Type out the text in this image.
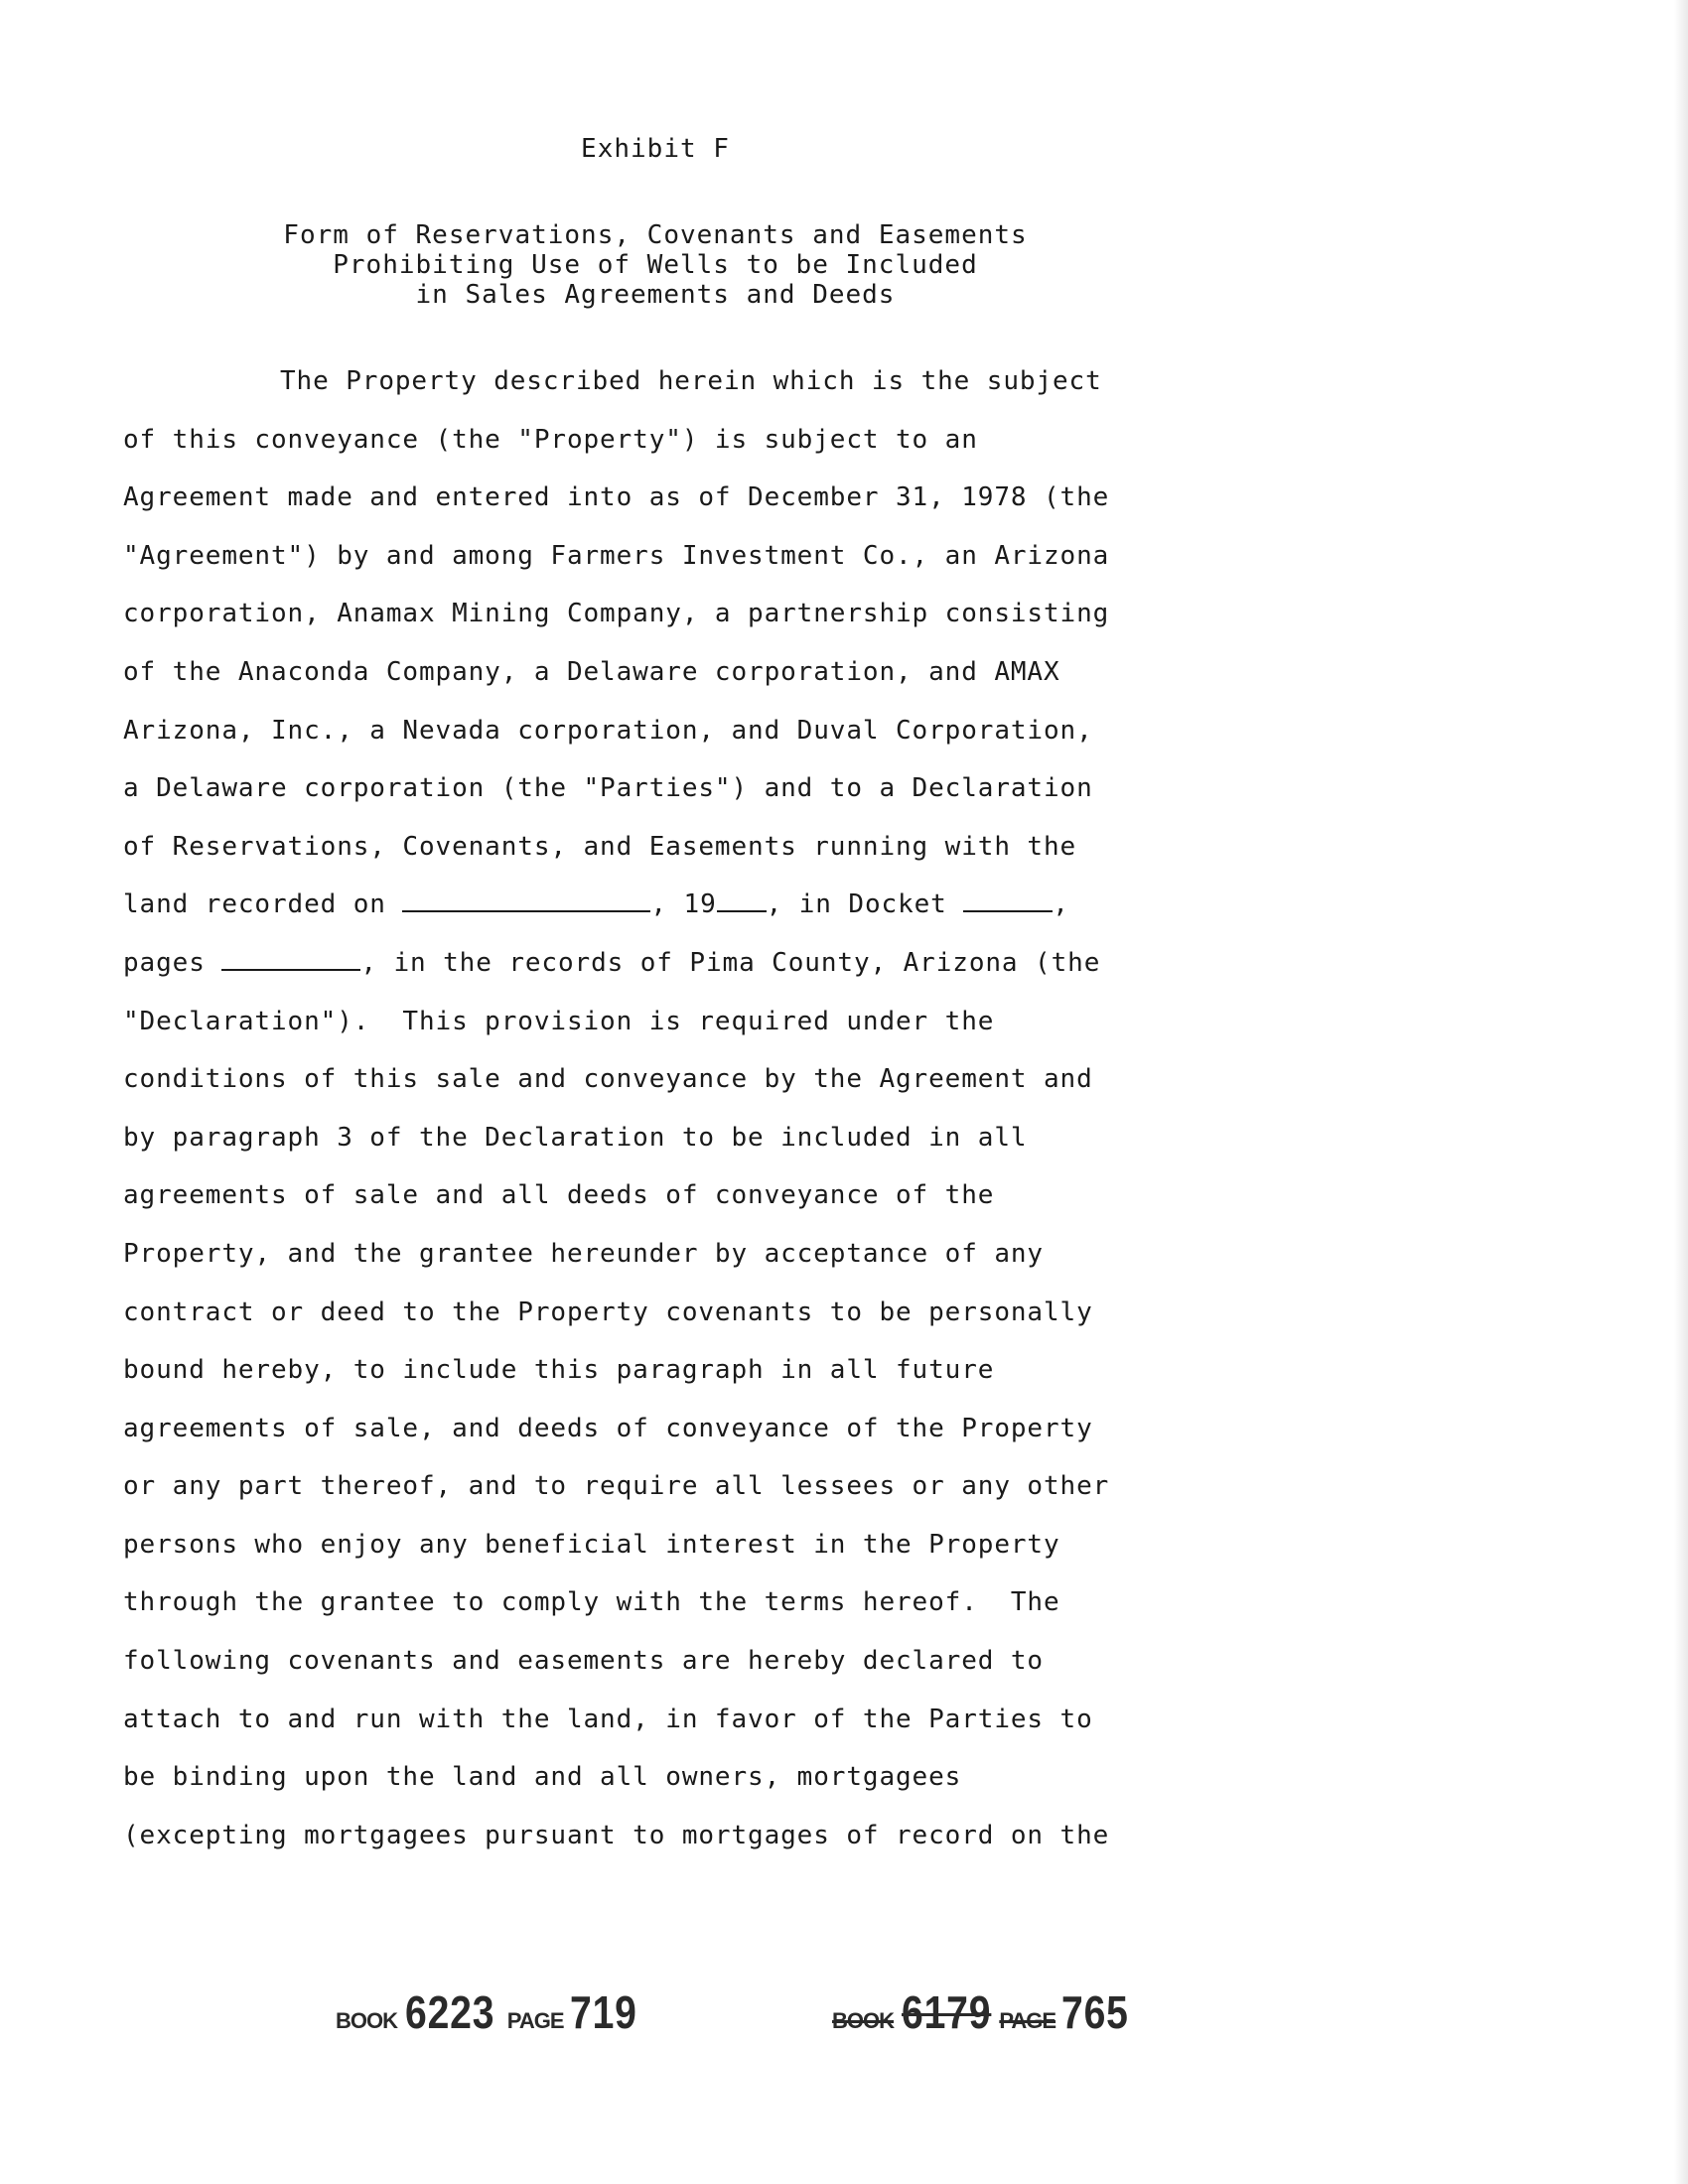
Exhibit F
Form of Reservations, Covenants and Easements
Prohibiting Use of Wells to be Included
in Sales Agreements and Deeds
The Property described herein which is the subject
of this conveyance (the "Property") is subject to an
Agreement made and entered into as of December 31, 1978 (the
"Agreement") by and among Farmers Investment Co., an Arizona
corporation, Anamax Mining Company, a partnership consisting
of the Anaconda Company, a Delaware corporation, and AMAX
Arizona, Inc., a Nevada corporation, and Duval Corporation,
a Delaware corporation (the "Parties") and to a Declaration
of Reservations, Covenants, and Easements running with the
land recorded on	, 19 , in Docket	,
pages	, in the records of Pima County, Arizona (the
"Declaration").  This provision is required under the
conditions of this sale and conveyance by the Agreement and
by paragraph 3 of the Declaration to be included in all
agreements of sale and all deeds of conveyance of the
Property, and the grantee hereunder by acceptance of any
contract or deed to the Property covenants to be personally
bound hereby, to include this paragraph in all future
agreements of sale, and deeds of conveyance of the Property
or any part thereof, and to require all lessees or any other
persons who enjoy any beneficial interest in the Property
through the grantee to comply with the terms hereof.  The
following covenants and easements are hereby declared to
attach to and run with the land, in favor of the Parties to
be binding upon the land and all owners, mortgagees
(excepting mortgagees pursuant to mortgages of record on the
BOOK 6223 PAGE 719	BOOK 6179 PAGE 765
